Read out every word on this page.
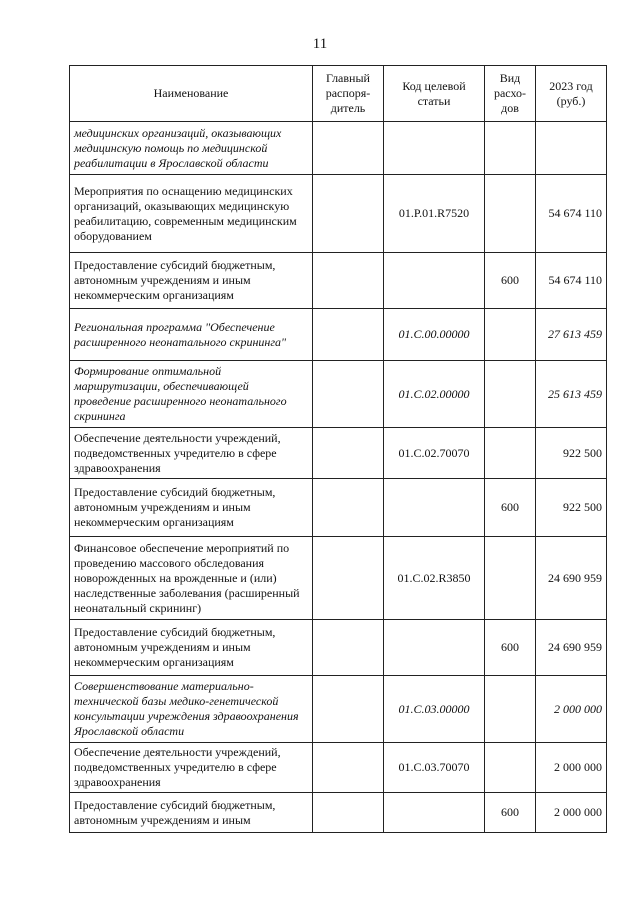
11
Наименование	Главный распоря-дитель	Код целевой статьи	Вид расхо-дов	2023 год (руб.)
медицинских организаций, оказывающих медицинскую помощь по медицинской реабилитации в Ярославской области				
Мероприятия по оснащению медицинских организаций, оказывающих медицинскую реабилитацию, современным медицинским оборудованием		01.Р.01.R7520		54 674 110
Предоставление субсидий бюджетным, автономным учреждениям и иным некоммерческим организациям			600	54 674 110
Региональная программа "Обеспечение расширенного неонатального скрининга"		01.С.00.00000		27 613 459
Формирование оптимальной маршрутизации, обеспечивающей проведение расширенного неонатального скрининга		01.С.02.00000		25 613 459
Обеспечение деятельности учреждений, подведомственных учредителю в сфере здравоохранения		01.С.02.70070		922 500
Предоставление субсидий бюджетным, автономным учреждениям и иным некоммерческим организациям			600	922 500
Финансовое обеспечение мероприятий по проведению массового обследования новорожденных на врожденные и (или) наследственные заболевания (расширенный неонатальный скрининг)		01.С.02.R3850		24 690 959
Предоставление субсидий бюджетным, автономным учреждениям и иным некоммерческим организациям			600	24 690 959
Совершенствование материально-технической базы медико-генетической консультации учреждения здравоохранения Ярославской области		01.С.03.00000		2 000 000
Обеспечение деятельности учреждений, подведомственных учредителю в сфере здравоохранения		01.С.03.70070		2 000 000
Предоставление субсидий бюджетным, автономным учреждениям и иным			600	2 000 000
